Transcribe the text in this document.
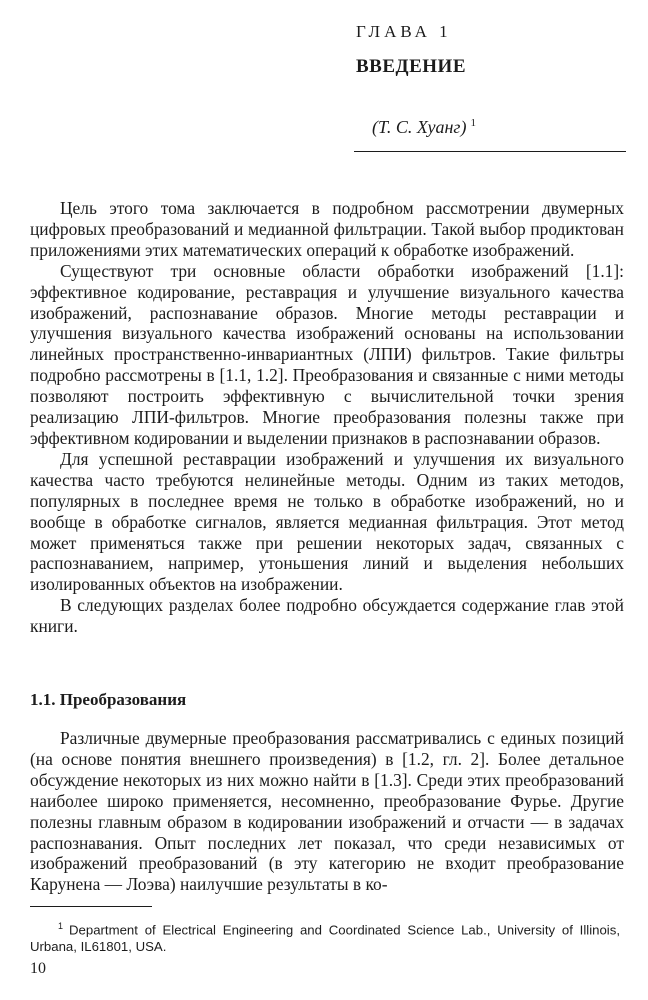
ГЛАВА 1
ВВЕДЕНИЕ
(Т. С. Хуанг) $^1$

Цель этого тома заключается в подробном рассмотрении двумерных цифровых преобразований и медианной фильтрации. Такой выбор продиктован приложениями этих математических операций к обработке изображений.

Существуют три основные области обработки изображений [1.1]: эффективное кодирование, реставрация и улучшение визуального качества изображений, распознавание образов. Многие методы реставрации и улучшения визуального качества изображений основаны на использовании линейных пространственно-инвариантных (ЛПИ) фильтров. Такие фильтры подробно рассмотрены в [1.1, 1.2]. Преобразования и связанные с ними методы позволяют построить эффективную с вычислительной точки зрения реализацию ЛПИ-фильтров. Многие преобразования полезны также при эффективном кодировании и выделении признаков в распознавании образов.

Для успешной реставрации изображений и улучшения их визуального качества часто требуются нелинейные методы. Одним из таких методов, популярных в последнее время не только в обработке изображений, но и вообще в обработке сигналов, является медианная фильтрация. Этот метод может применяться также при решении некоторых задач, связанных с распознаванием, например, утоньшения линий и выделения небольших изолированных объектов на изображении.

В следующих разделах более подробно обсуждается содержание глав этой книги.

1.1. Преобразования

Различные двумерные преобразования рассматривались с единых позиций (на основе понятия внешнего произведения) в [1.2, гл. 2]. Более детальное обсуждение некоторых из них можно найти в [1.3]. Среди этих преобразований наиболее широко применяется, несомненно, преобразование Фурье. Другие полезны главным образом в кодировании изображений и отчасти — в задачах распознавания. Опыт последних лет показал, что среди независимых от изображений преобразований (в эту категорию не входит преобразование Карунена — Лоэва) наилучшие результаты в ко-

$^1$ Department of Electrical Engineering and Coordinated Science Lab., University of Illinois, Urbana, IL61801, USA.
10
